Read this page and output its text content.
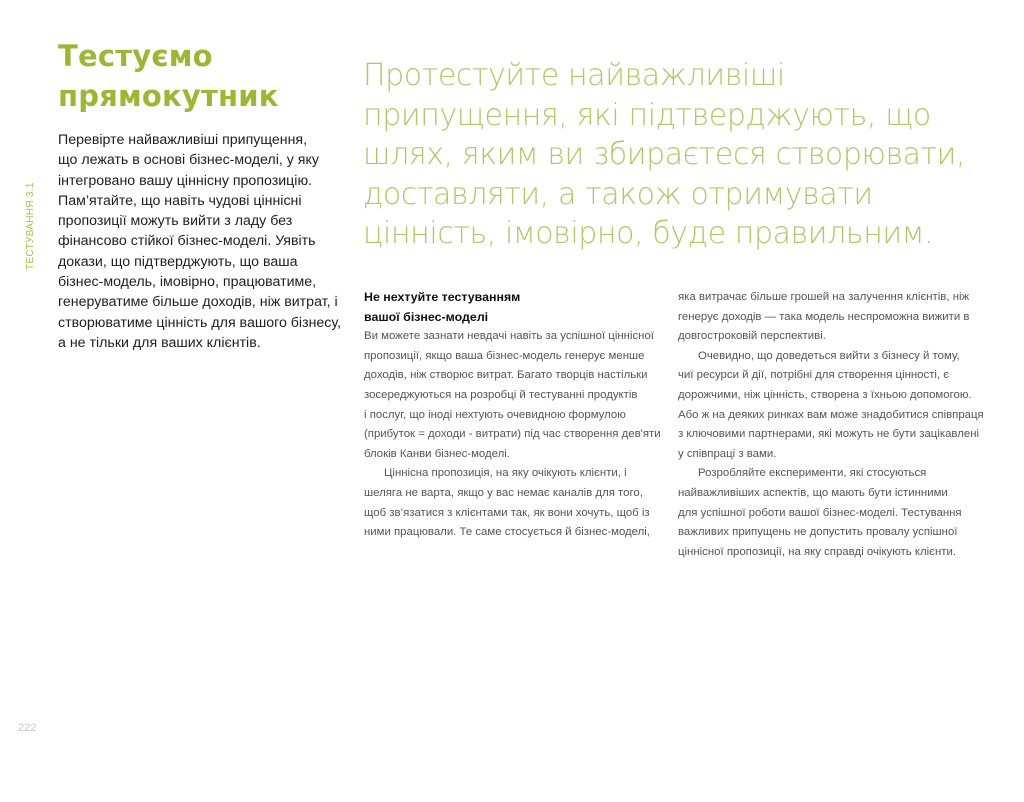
ТЕСТУВАННЯ 3.1
222
Тестуємо
прямокутник
Перевірте найважливіші припущення,
що лежать в основі бізнес-моделі, у яку
інтегровано вашу ціннісну пропозицію.
Пам’ятайте, що навіть чудові ціннісні
пропозиції можуть вийти з ладу без
фінансово стійкої бізнес-моделі. Уявіть
докази, що підтверджують, що ваша
бізнес-модель, імовірно, працюватиме,
генеруватиме більше доходів, ніж витрат, і
створюватиме цінність для вашого бізнесу,
а не тільки для ваших клієнтів.
Протестуйте найважливіші
припущення, які підтверджують, що
шлях, яким ви збираєтеся створювати,
доставляти, а також отримувати
цінність, імовірно, буде правильним.
Не нехтуйте тестуванням
вашої бізнес-моделі

Ви можете зазнати невдачі навіть за успішної ціннісної
пропозиції, якщо ваша бізнес-модель генерує менше
доходів, ніж створює витрат. Багато творців настільки
зосереджуються на розробці й тестуванні продуктів
і послуг, що іноді нехтують очевидною формулою
(прибуток = доходи - витрати) під час створення дев'яти
блоків Канви бізнес-моделі.

Ціннісна пропозиція, на яку очікують клієнти, і
шеляга не варта, якщо у вас немає каналів для того,
щоб зв’язатися з клієнтами так, як вони хочуть, щоб із
ними працювали. Те саме стосується й бізнес-моделі,

яка витрачає більше грошей на залучення клієнтів, ніж
генерує доходів — така модель неспроможна вижити в
довгостроковій перспективі.

Очевидно, що доведеться вийти з бізнесу й тому,
чиї ресурси й дії, потрібні для створення цінності, є
дорожчими, ніж цінність, створена з їхньою допомогою.
Або ж на деяких ринках вам може знадобитися співпраця
з ключовими партнерами, які можуть не бути зацікавлені
у співпраці з вами.

Розробляйте експерименти, які стосуються
найважливіших аспектів, що мають бути істинними
для успішної роботи вашої бізнес-моделі. Тестування
важливих припущень не допустить провалу успішної
ціннісної пропозиції, на яку справді очікують клієнти.
